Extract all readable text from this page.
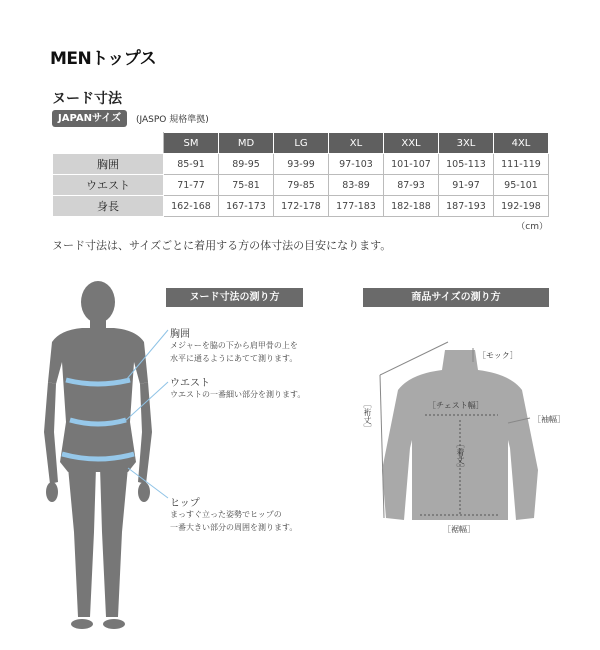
MENトップス
ヌード寸法
JAPANサイズ	(JASPO 規格準拠)
	SM	MD	LG	XL	XXL	3XL	4XL
胸囲	85-91	89-95	93-99	97-103	101-107	105-113	111-119
ウエスト	71-77	75-81	79-85	83-89	87-93	91-97	95-101
身長	162-168	167-173	172-178	177-183	182-188	187-193	192-198
（cm）
ヌード寸法は、サイズごとに着用する方の体寸法の目安になります。
ヌード寸法の測り方
胸囲
メジャーを脇の下から肩甲骨の上を
水平に通るようにあてて測ります。
ウエスト
ウエストの一番細い部分を測ります。
ヒップ
まっすぐ立った姿勢でヒップの
一番大きい部分の周囲を測ります。
商品サイズの測り方
［モック］
［チェスト幅］
［袖幅］
［裄丈］
［着丈］
［裾幅］
